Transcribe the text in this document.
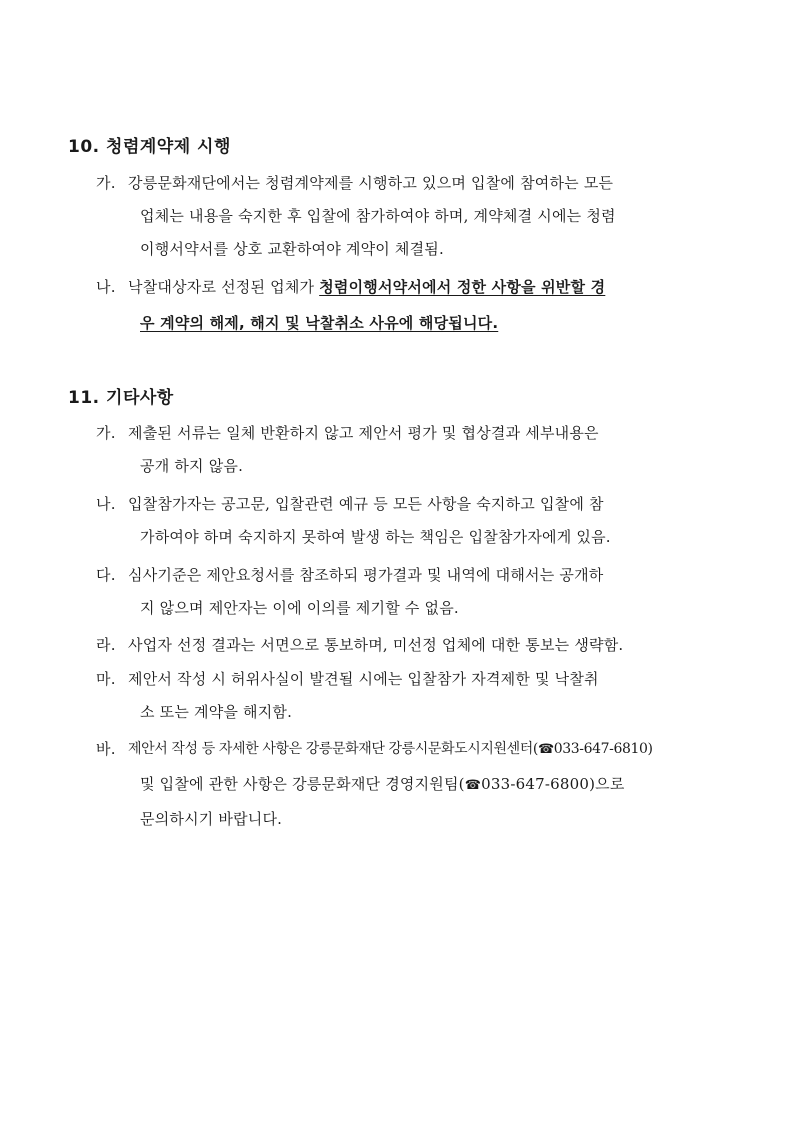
10. 청렴계약제 시행
가. 강릉문화재단에서는 청렴계약제를 시행하고 있으며 입찰에 참여하는 모든
업체는 내용을 숙지한 후 입찰에 참가하여야 하며, 계약체결 시에는 청렴
이행서약서를 상호 교환하여야 계약이 체결됨.
나. 낙찰대상자로 선정된 업체가 청렴이행서약서에서 정한 사항을 위반할 경
우 계약의 해제, 해지 및 낙찰취소 사유에 해당됩니다.
11. 기타사항
가. 제출된 서류는 일체 반환하지 않고 제안서 평가 및 협상결과 세부내용은
공개 하지 않음.
나. 입찰참가자는 공고문, 입찰관련 예규 등 모든 사항을 숙지하고 입찰에 참
가하여야 하며 숙지하지 못하여 발생 하는 책임은 입찰참가자에게 있음.
다. 심사기준은 제안요청서를 참조하되 평가결과 및 내역에 대해서는 공개하
지 않으며 제안자는 이에 이의를 제기할 수 없음.
라. 사업자 선정 결과는 서면으로 통보하며, 미선정 업체에 대한 통보는 생략함.
마. 제안서 작성 시 허위사실이 발견될 시에는 입찰참가 자격제한 및 낙찰취
소 또는 계약을 해지함.
바. 제안서 작성 등 자세한 사항은 강릉문화재단 강릉시문화도시지원센터(☎033-647-6810)
및 입찰에 관한 사항은 강릉문화재단 경영지원팀(☎033-647-6800)으로
문의하시기 바랍니다.
